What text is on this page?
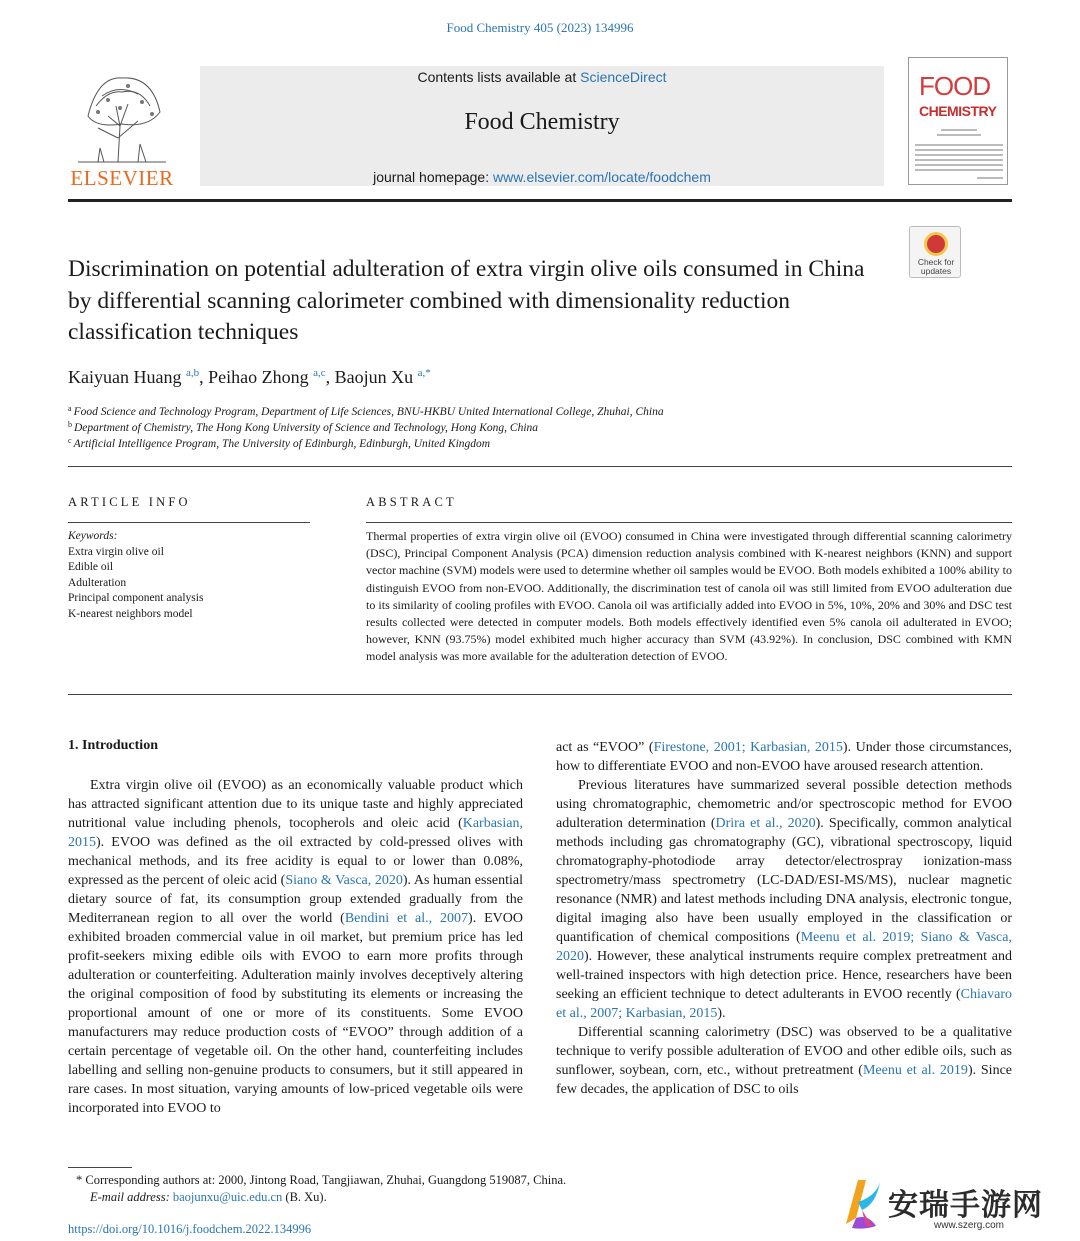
Food Chemistry 405 (2023) 134996
ELSEVIER
Contents lists available at ScienceDirect
Food Chemistry
journal homepage: www.elsevier.com/locate/foodchem
FOOD
CHEMISTRY
Discrimination on potential adulteration of extra virgin olive oils consumed in China by differential scanning calorimeter combined with dimensionality reduction classification techniques
Check for
updates
Kaiyuan Huang $^{a,b}$, Peihao Zhong $^{a,c}$, Baojun Xu $^{a,*}$
$^a$ Food Science and Technology Program, Department of Life Sciences, BNU-HKBU United International College, Zhuhai, China
$^b$ Department of Chemistry, The Hong Kong University of Science and Technology, Hong Kong, China
$^c$ Artificial Intelligence Program, The University of Edinburgh, Edinburgh, United Kingdom
ARTICLE INFO	ABSTRACT
Keywords:
Extra virgin olive oil
Edible oil
Adulteration
Principal component analysis
K-nearest neighbors model
Thermal properties of extra virgin olive oil (EVOO) consumed in China were investigated through differential scanning calorimetry (DSC), Principal Component Analysis (PCA) dimension reduction analysis combined with K-nearest neighbors (KNN) and support vector machine (SVM) models were used to determine whether oil samples would be EVOO. Both models exhibited a 100% ability to distinguish EVOO from non-EVOO. Additionally, the discrimination test of canola oil was still limited from EVOO adulteration due to its similarity of cooling profiles with EVOO. Canola oil was artificially added into EVOO in 5%, 10%, 20% and 30% and DSC test results collected were detected in computer models. Both models effectively identified even 5% canola oil adulterated in EVOO; however, KNN (93.75%) model exhibited much higher accuracy than SVM (43.92%). In conclusion, DSC combined with KMN model analysis was more available for the adulteration detection of EVOO.
1. Introduction

Extra virgin olive oil (EVOO) as an economically valuable product which has attracted significant attention due to its unique taste and highly appreciated nutritional value including phenols, tocopherols and oleic acid (Karbasian, 2015). EVOO was defined as the oil extracted by cold-pressed olives with mechanical methods, and its free acidity is equal to or lower than 0.08%, expressed as the percent of oleic acid (Siano & Vasca, 2020). As human essential dietary source of fat, its consumption group extended gradually from the Mediterranean region to all over the world (Bendini et al., 2007). EVOO exhibited broaden commercial value in oil market, but premium price has led profit-seekers mixing edible oils with EVOO to earn more profits through adulteration or counterfeiting. Adulteration mainly involves deceptively altering the original composition of food by substituting its elements or increasing the proportional amount of one or more of its constituents. Some EVOO manufacturers may reduce production costs of “EVOO” through addition of a certain percentage of vegetable oil. On the other hand, counterfeiting includes labelling and selling non-genuine products to consumers, but it still appeared in rare cases. In most situation, varying amounts of low-priced vegetable oils were incorporated into EVOO to

act as “EVOO” (Firestone, 2001; Karbasian, 2015). Under those circumstances, how to differentiate EVOO and non-EVOO have aroused research attention.

Previous literatures have summarized several possible detection methods using chromatographic, chemometric and/or spectroscopic method for EVOO adulteration determination (Drira et al., 2020). Specifically, common analytical methods including gas chromatography (GC), vibrational spectroscopy, liquid chromatography-photodiode array detector/electrospray ionization-mass spectrometry/mass spectrometry (LC-DAD/ESI-MS/MS), nuclear magnetic resonance (NMR) and latest methods including DNA analysis, electronic tongue, digital imaging also have been usually employed in the classification or quantification of chemical compositions (Meenu et al. 2019; Siano & Vasca, 2020). However, these analytical instruments require complex pretreatment and well-trained inspectors with high detection price. Hence, researchers have been seeking an efficient technique to detect adulterants in EVOO recently (Chiavaro et al., 2007; Karbasian, 2015).

Differential scanning calorimetry (DSC) was observed to be a qualitative technique to verify possible adulteration of EVOO and other edible oils, such as sunflower, soybean, corn, etc., without pretreatment (Meenu et al. 2019). Since few decades, the application of DSC to oils

* Corresponding authors at: 2000, Jintong Road, Tangjiawan, Zhuhai, Guangdong 519087, China.
E-mail address: baojunxu@uic.edu.cn (B. Xu).
https://doi.org/10.1016/j.foodchem.2022.134996
安瑞手游网
www.szerg.com
